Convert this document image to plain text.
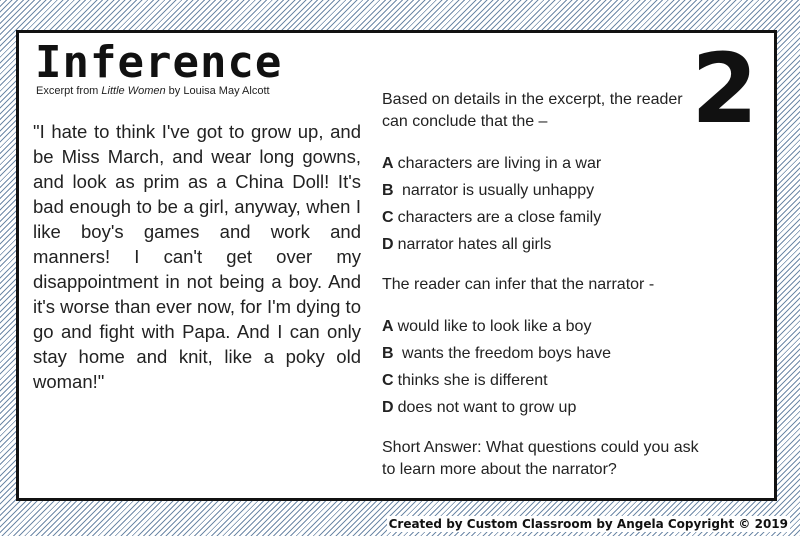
Inference
Excerpt from Little Women by Louisa May Alcott

"I hate to think I've got to grow up, and be Miss March, and wear long gowns, and look as prim as a China Doll! It's bad enough to be a girl, anyway, when I like boy's games and work and manners! I can't get over my disappointment in not being a boy. And it's worse than ever now, for I'm dying to go and fight with Papa. And I can only stay home and knit, like a poky old woman!"

2

Based on details in the excerpt, the reader can conclude that the –

A characters are living in a war
B narrator is usually unhappy
C characters are a close family
D narrator hates all girls

The reader can infer that the narrator -

A would like to look like a boy
B wants the freedom boys have
C thinks she is different
D does not want to grow up

Short Answer: What questions could you ask to learn more about the narrator?

Created by Custom Classroom by Angela Copyright © 2019
